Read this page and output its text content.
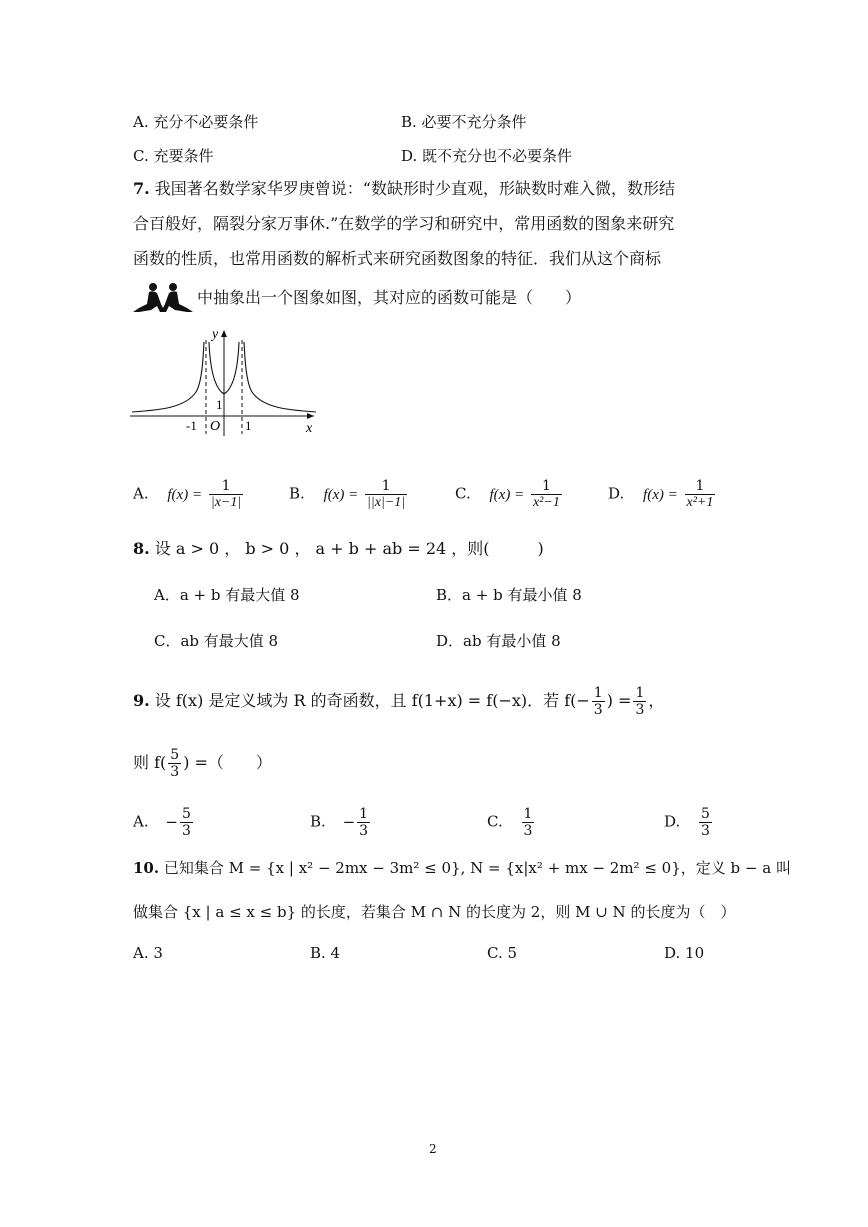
A. 充分不必要条件	B. 必要不充分条件
C. 充要条件	D. 既不充分也不必要条件
7. 我国著名数学家华罗庚曾说：“数缺形时少直观，形缺数时难入微，数形结
合百般好，隔裂分家万事休.”在数学的学习和研究中，常用函数的图象来研究
函数的性质，也常用函数的解析式来研究函数图象的特征．我们从这个商标
中抽象出一个图象如图，其对应的函数可能是（　　）
y
x
1
-1 O 1
A. $f(x) = \frac{1}{|x-1|}$	B. $f(x) = \frac{1}{||x|-1|}$	C. $f(x) = \frac{1}{\text{x²−1}}$	D. $f(x) = \frac{1}{\text{x²+1}}$
8. 设 a > 0 ， b > 0 ， a + b + ab = 24 ，则(　　　)
A．a + b 有最大值 8	B．a + b 有最小值 8
C．ab 有最大值 8	D．ab 有最小值 8
9. 设 f(x) 是定义域为 R 的奇函数，且 f(1+x) = f(−x)．若 $f(- \frac{1}{3}$ ) = $\frac{1}{3}$ ，
则 $f( \frac{5}{3}$ ) =（　　）
A. − $\frac{5}{3}$	B. − $\frac{1}{3}$	C. $\frac{1}{3}$	D. $\frac{5}{3}$
10. 已知集合 M = {x | x² − 2mx − 3m² ≤ 0}, N = {x|x² + mx − 2m² ≤ 0}，定义 b − a 叫
做集合 {x | a ≤ x ≤ b} 的长度，若集合 M ∩ N 的长度为 2，则 M ∪ N 的长度为（　）
A. 3	B. 4	C. 5	D. 10
2
